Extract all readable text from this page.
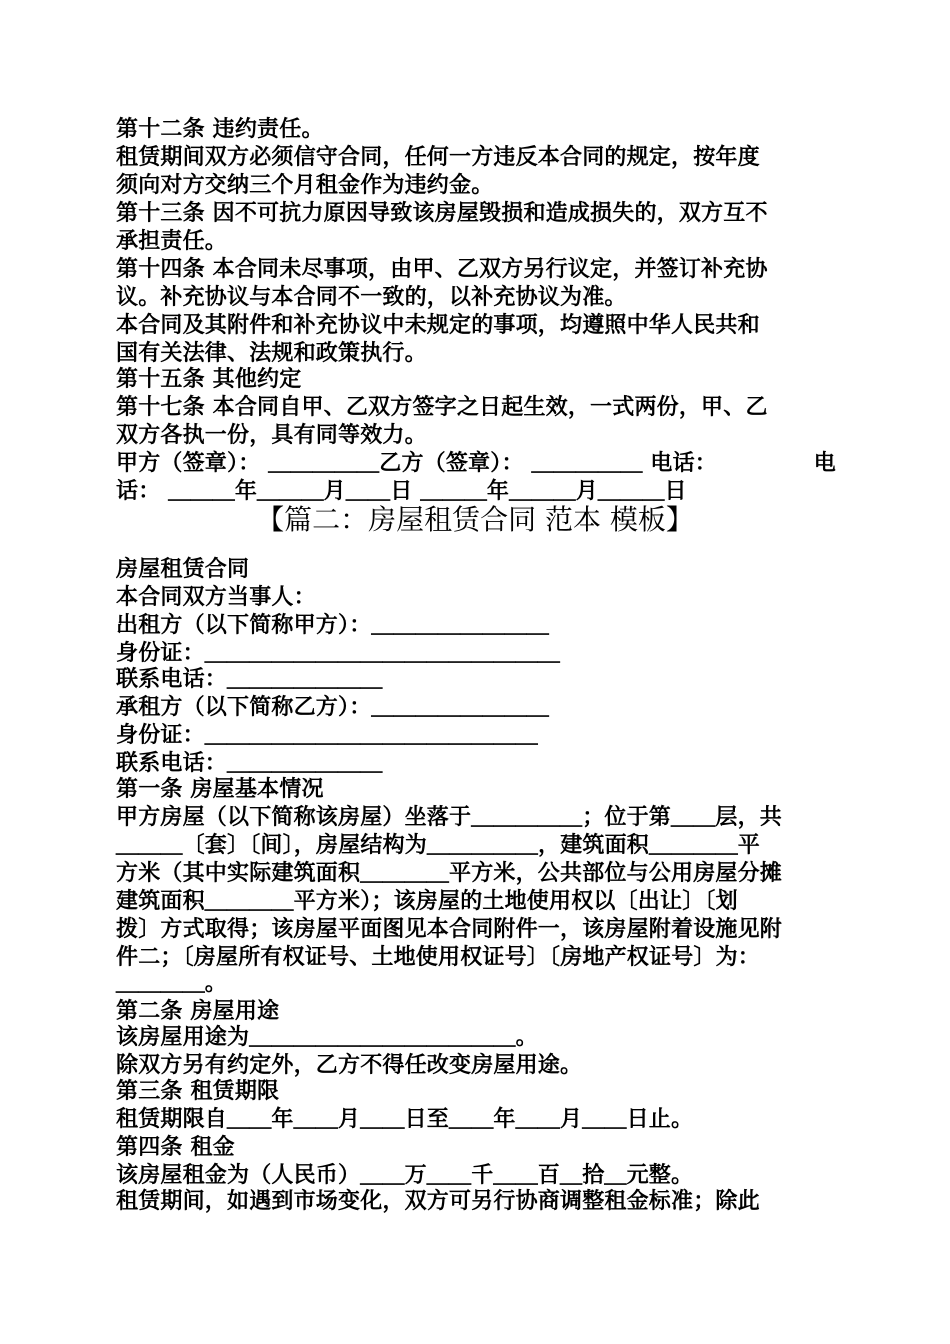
第十二条 违约责任。
租赁期间双方必须信守合同，任何一方违反本合同的规定，按年度
须向对方交纳三个月租金作为违约金。
第十三条 因不可抗力原因导致该房屋毁损和造成损失的，双方互不
承担责任。
第十四条 本合同未尽事项，由甲、乙双方另行议定，并签订补充协
议。补充协议与本合同不一致的，以补充协议为准。
本合同及其附件和补充协议中未规定的事项，均遵照中华人民共和
国有关法律、法规和政策执行。
第十五条 其他约定
第十七条 本合同自甲、乙双方签字之日起生效，一式两份，甲、乙
双方各执一份，具有同等效力。
甲方（签章）： ＿＿＿＿＿乙方（签章）： ＿＿＿＿＿ 电话：	电
话： ＿＿＿年＿＿＿月＿＿日 ＿＿＿年＿＿＿月＿＿＿日
【篇二：房屋租赁合同 范本 模板】
房屋租赁合同
本合同双方当事人：
出租方（以下简称甲方）：＿＿＿＿＿＿＿＿
身份证：＿＿＿＿＿＿＿＿＿＿＿＿＿＿＿＿
联系电话：＿＿＿＿＿＿＿
承租方（以下简称乙方）：＿＿＿＿＿＿＿＿
身份证：＿＿＿＿＿＿＿＿＿＿＿＿＿＿＿
联系电话：＿＿＿＿＿＿＿
第一条 房屋基本情况
甲方房屋（以下简称该房屋）坐落于＿＿＿＿＿；位于第＿＿层，共
＿＿＿〔套〕〔间〕，房屋结构为＿＿＿＿＿，建筑面积＿＿＿＿平
方米（其中实际建筑面积＿＿＿＿平方米，公共部位与公用房屋分摊
建筑面积＿＿＿＿平方米）；该房屋的土地使用权以〔出让〕〔划
拨〕方式取得；该房屋平面图见本合同附件一，该房屋附着设施见附
件二；〔房屋所有权证号、土地使用权证号〕〔房地产权证号〕为：
＿＿＿＿。
第二条 房屋用途
该房屋用途为＿＿＿＿＿＿＿＿＿＿＿＿。
除双方另有约定外，乙方不得任改变房屋用途。
第三条 租赁期限
租赁期限自＿＿年＿＿月＿＿日至＿＿年＿＿月＿＿日止。
第四条 租金
该房屋租金为（人民币）＿＿万＿＿千＿＿百＿拾＿元整。
租赁期间，如遇到市场变化，双方可另行协商调整租金标准；除此
